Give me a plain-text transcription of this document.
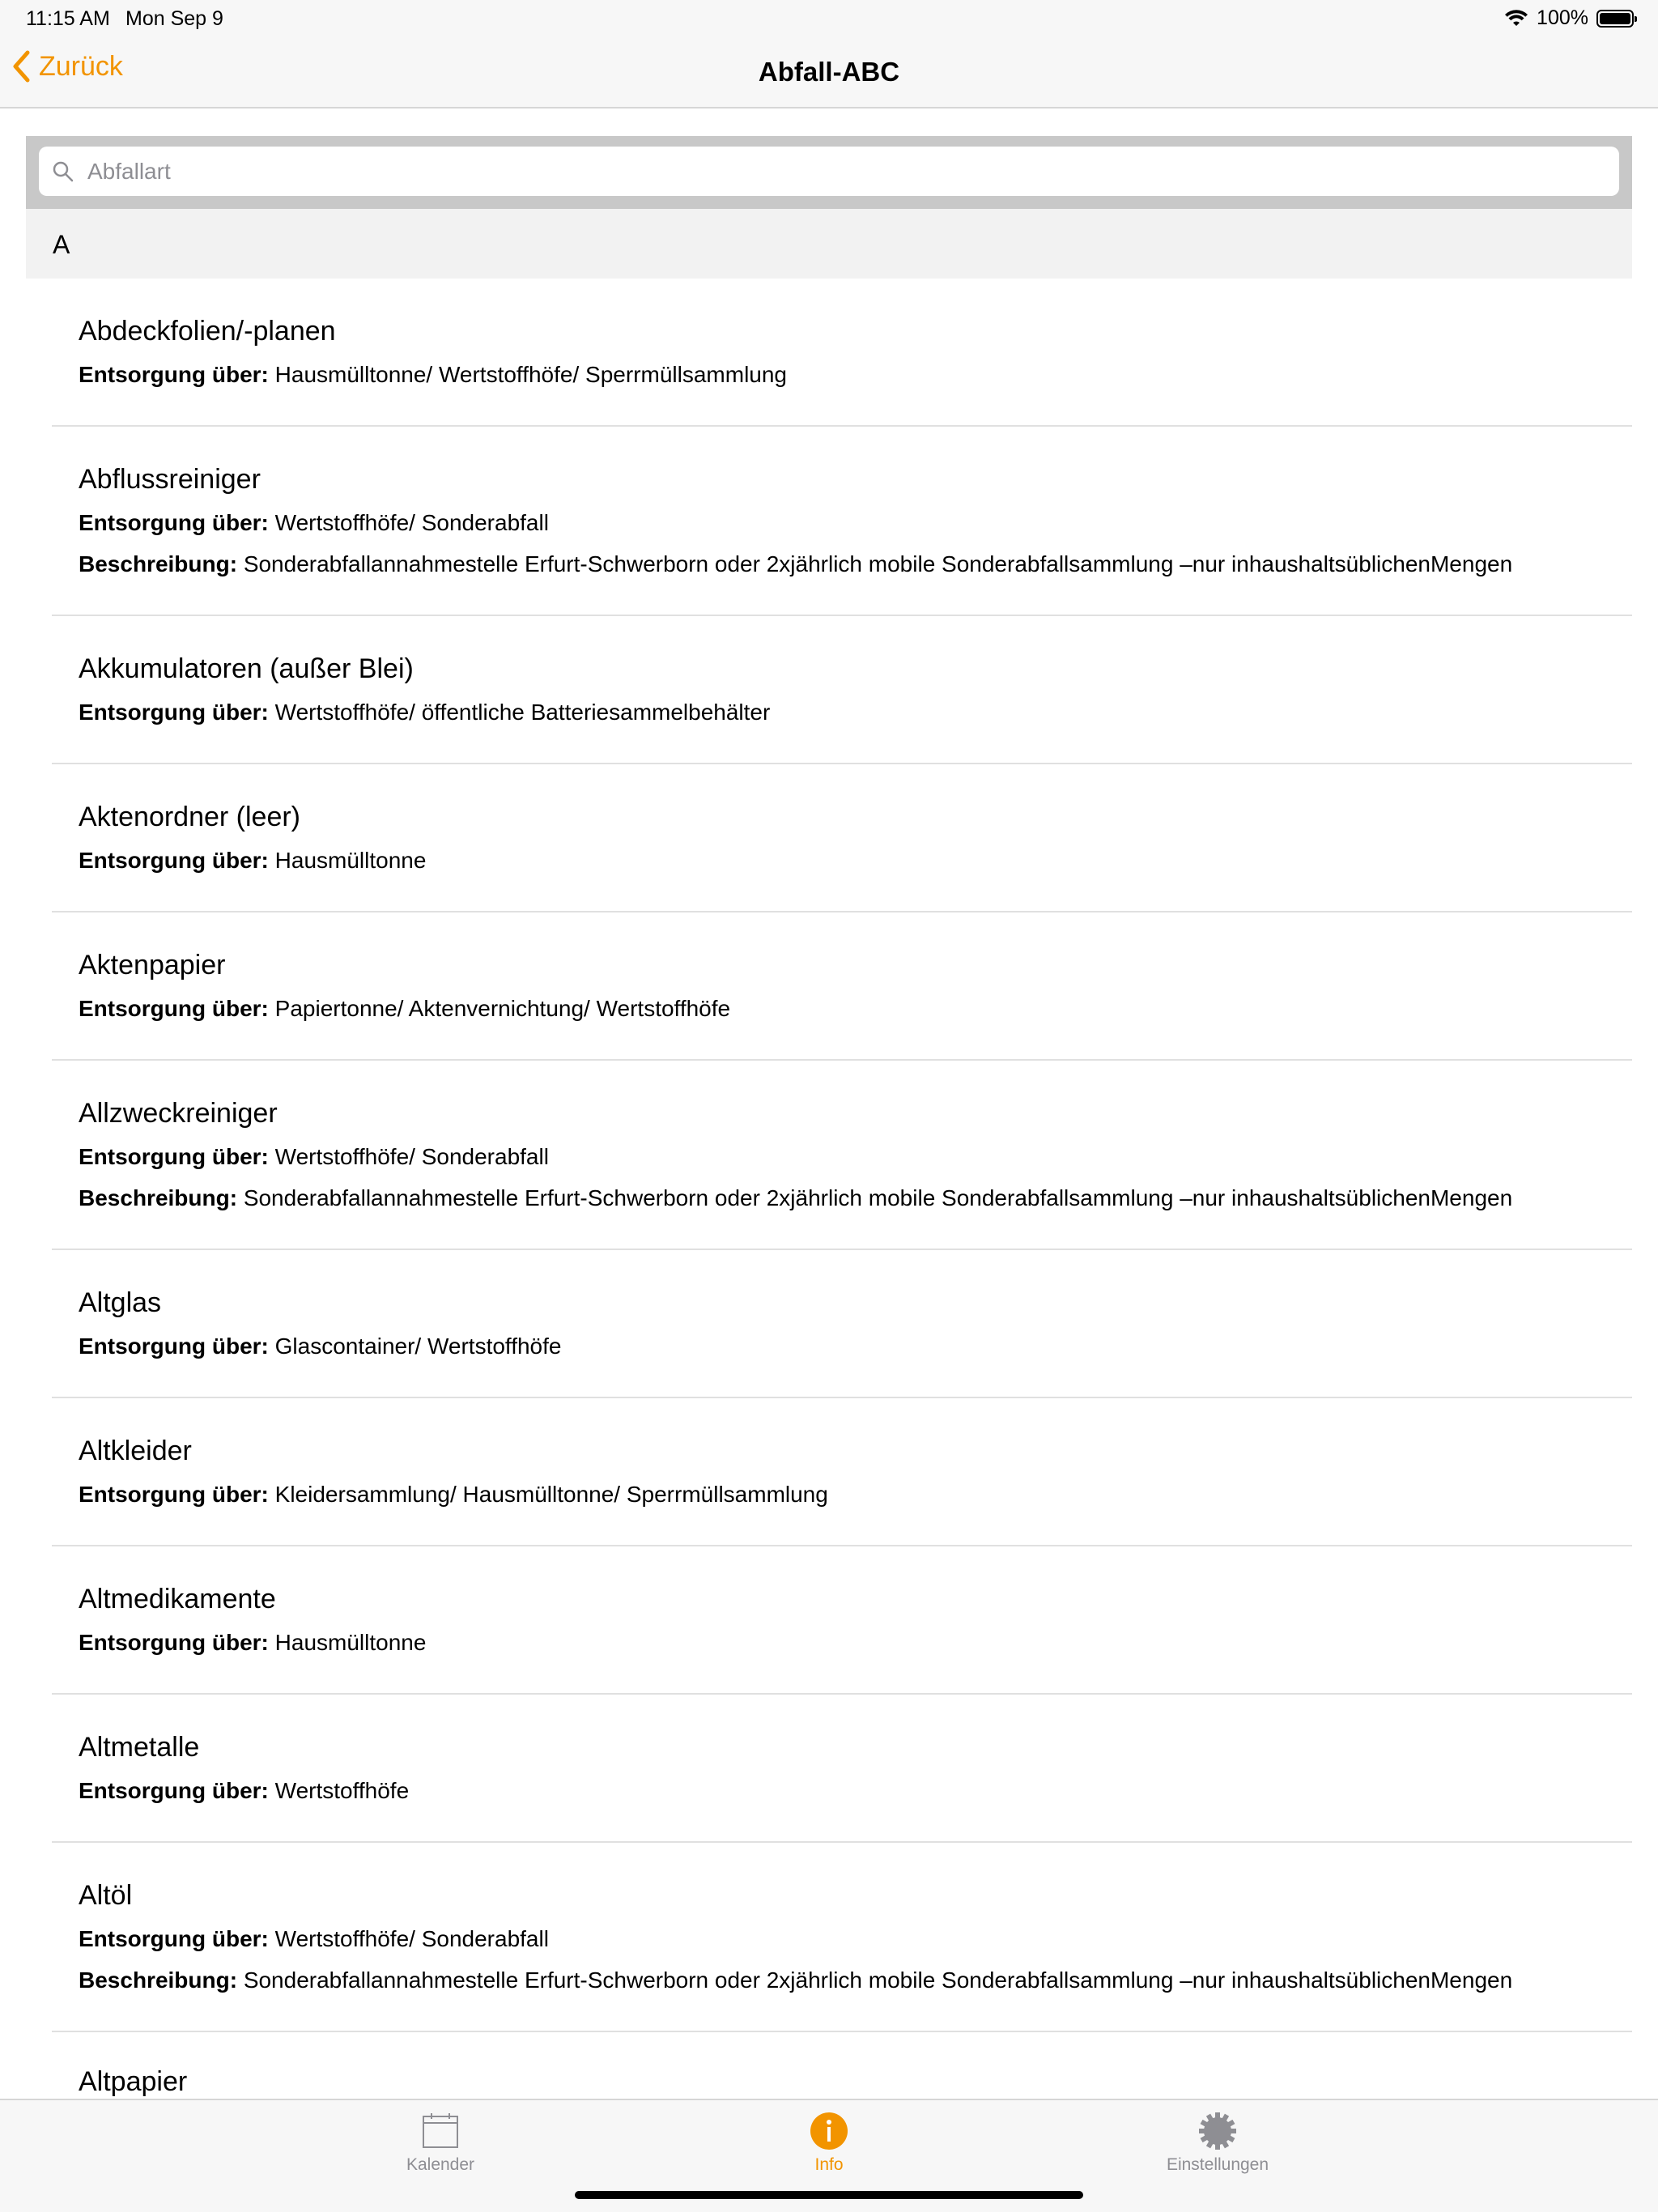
11:15 AM Mon Sep 9	100%
Zurück	Abfall-ABC
Abfallart
A
Abdeckfolien/-planen
Entsorgung über: Hausmülltonne/ Wertstoffhöfe/ Sperrmüllsammlung
Abflussreiniger
Entsorgung über: Wertstoffhöfe/ Sonderabfall
Beschreibung: Sonderabfallannahmestelle Erfurt-Schwerborn oder 2xjährlich mobile Sonderabfallsammlung –nur inhaushaltsüblichenMengen
Akkumulatoren (außer Blei)
Entsorgung über: Wertstoffhöfe/ öffentliche Batteriesammelbehälter
Aktenordner (leer)
Entsorgung über: Hausmülltonne
Aktenpapier
Entsorgung über: Papiertonne/ Aktenvernichtung/ Wertstoffhöfe
Allzweckreiniger
Entsorgung über: Wertstoffhöfe/ Sonderabfall
Beschreibung: Sonderabfallannahmestelle Erfurt-Schwerborn oder 2xjährlich mobile Sonderabfallsammlung –nur inhaushaltsüblichenMengen
Altglas
Entsorgung über: Glascontainer/ Wertstoffhöfe
Altkleider
Entsorgung über: Kleidersammlung/ Hausmülltonne/ Sperrmüllsammlung
Altmedikamente
Entsorgung über: Hausmülltonne
Altmetalle
Entsorgung über: Wertstoffhöfe
Altöl
Entsorgung über: Wertstoffhöfe/ Sonderabfall
Beschreibung: Sonderabfallannahmestelle Erfurt-Schwerborn oder 2xjährlich mobile Sonderabfallsammlung –nur inhaushaltsüblichenMengen
Altpapier
Kalender	Info	Einstellungen
